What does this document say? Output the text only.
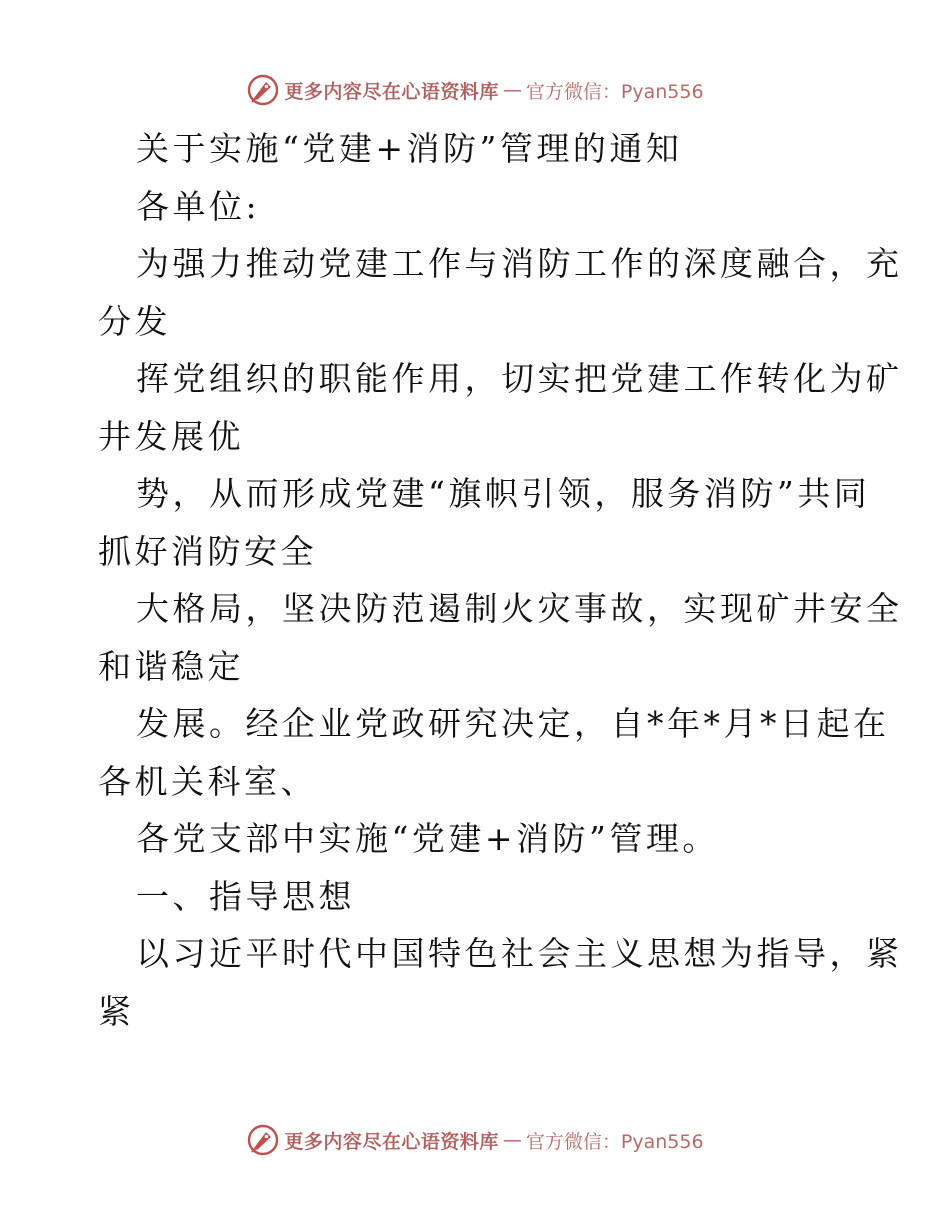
更多内容尽在心语资料库 — 官方微信：Pyan556
关于实施“党建+消防”管理的通知
各单位:
为强力推动党建工作与消防工作的深度融合，充
分发
挥党组织的职能作用，切实把党建工作转化为矿
井发展优
势，从而形成党建“旗帜引领，服务消防”共同
抓好消防安全
大格局，坚决防范遏制火灾事故，实现矿井安全
和谐稳定
发展。经企业党政研究决定，自*年*月*日起在
各机关科室、
各党支部中实施“党建+消防”管理。
一、指导思想
以习近平时代中国特色社会主义思想为指导，紧
紧
更多内容尽在心语资料库 — 官方微信：Pyan556
